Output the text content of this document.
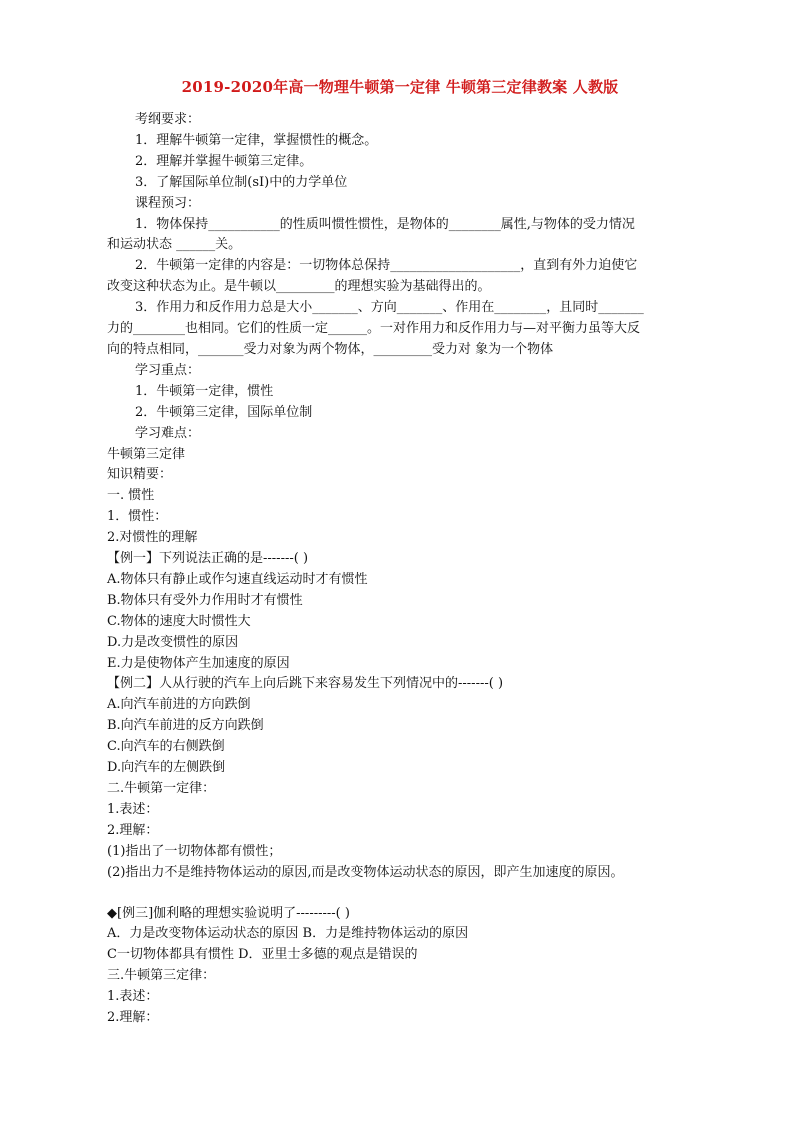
2019-2020年高一物理牛顿第一定律 牛顿第三定律教案 人教版

考纲要求：

1．理解牛顿第一定律，掌握惯性的概念。

2．理解并掌握牛顿第三定律。

3．了解国际单位制(sI)中的力学单位

课程预习：

1．物体保持___________的性质叫惯性惯性，是物体的________属性,与物体的受力情况

和运动状态 ______关。

2．牛顿第一定律的内容是：一切物体总保持____________________，直到有外力迫使它

改变这种状态为止。是牛顿以_________的理想实验为基础得出的。

3．作用力和反作用力总是大小_______、方向_______、作用在________，且同时_______

力的________也相同。它们的性质一定______。一对作用力和反作用力与—对平衡力虽等大反

向的特点相同，_______受力对象为两个物体，_________受力对 象为一个物体

学习重点：

1．牛顿第一定律，惯性

2．牛顿第三定律，国际单位制

学习难点：

牛顿第三定律

知识精要：

一. 惯性

1．惯性：

2.对惯性的理解

【例一】下列说法正确的是-------( )

A.物体只有静止或作匀速直线运动时才有惯性

B.物体只有受外力作用时才有惯性

C.物体的速度大时惯性大

D.力是改变惯性的原因

E.力是使物体产生加速度的原因

【例二】人从行驶的汽车上向后跳下来容易发生下列情况中的-------( )

A.向汽车前进的方向跌倒

B.向汽车前进的反方向跌倒

C.向汽车的右侧跌倒

D.向汽车的左侧跌倒

二.牛顿第一定律：

1.表述：

2.理解：

(1)指出了一切物体都有惯性；

(2)指出力不是维持物体运动的原因,而是改变物体运动状态的原因，即产生加速度的原因。

◆[例三]伽利略的理想实验说明了---------( )

A．力是改变物体运动状态的原因 B．力是维持物体运动的原因

C一切物体都具有惯性 D．亚里士多德的观点是错误的

三.牛顿第三定律：

1.表述：

2.理解：
